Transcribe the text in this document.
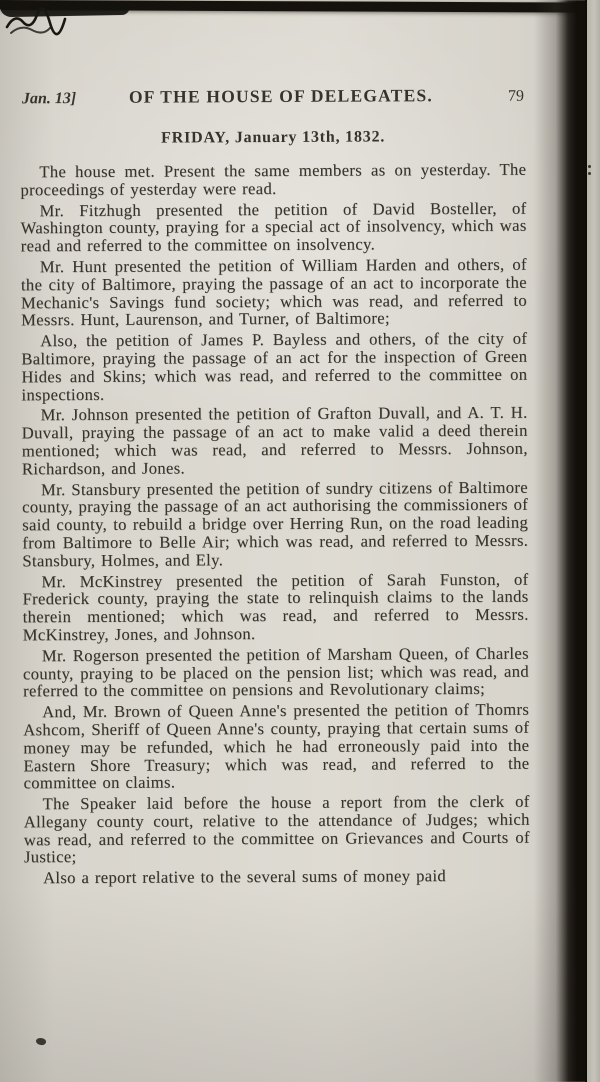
Jan. 13]	OF THE HOUSE OF DELEGATES.	79
FRIDAY, January 13th, 1832.

The house met. Present the same members as on yesterday. The proceedings of yesterday were read.

Mr. Fitzhugh presented the petition of David Bosteller, of Washington county, praying for a special act of insolvency, which was read and referred to the committee on insolvency.

Mr. Hunt presented the petition of William Harden and others, of the city of Baltimore, praying the passage of an act to incorporate the Mechanic's Savings fund society; which was read, and referred to Messrs. Hunt, Laurenson, and Turner, of Baltimore;

Also, the petition of James P. Bayless and others, of the city of Baltimore, praying the passage of an act for the inspection of Green Hides and Skins; which was read, and referred to the committee on inspections.

Mr. Johnson presented the petition of Grafton Duvall, and A. T. H. Duvall, praying the passage of an act to make valid a deed therein mentioned; which was read, and referred to Messrs. Johnson, Richardson, and Jones.

Mr. Stansbury presented the petition of sundry citizens of Baltimore county, praying the passage of an act authorising the commissioners of said county, to rebuild a bridge over Herring Run, on the road leading from Baltimore to Belle Air; which was read, and referred to Messrs. Stansbury, Holmes, and Ely.

Mr. McKinstrey presented the petition of Sarah Funston, of Frederick county, praying the state to relinquish claims to the lands therein mentioned; which was read, and referred to Messrs. McKinstrey, Jones, and Johnson.

Mr. Rogerson presented the petition of Marsham Queen, of Charles county, praying to be placed on the pension list; which was read, and referred to the committee on pensions and Revolutionary claims;

And, Mr. Brown of Queen Anne's presented the petition of Thomrs Ashcom, Sheriff of Queen Anne's county, praying that certain sums of money may be refunded, which he had erroneously paid into the Eastern Shore Treasury; which was read, and referred to the committee on claims.

The Speaker laid before the house a report from the clerk of Allegany county court, relative to the attendance of Judges; which was read, and referred to the committee on Grievances and Courts of Justice;

Also a report relative to the several sums of money paid
